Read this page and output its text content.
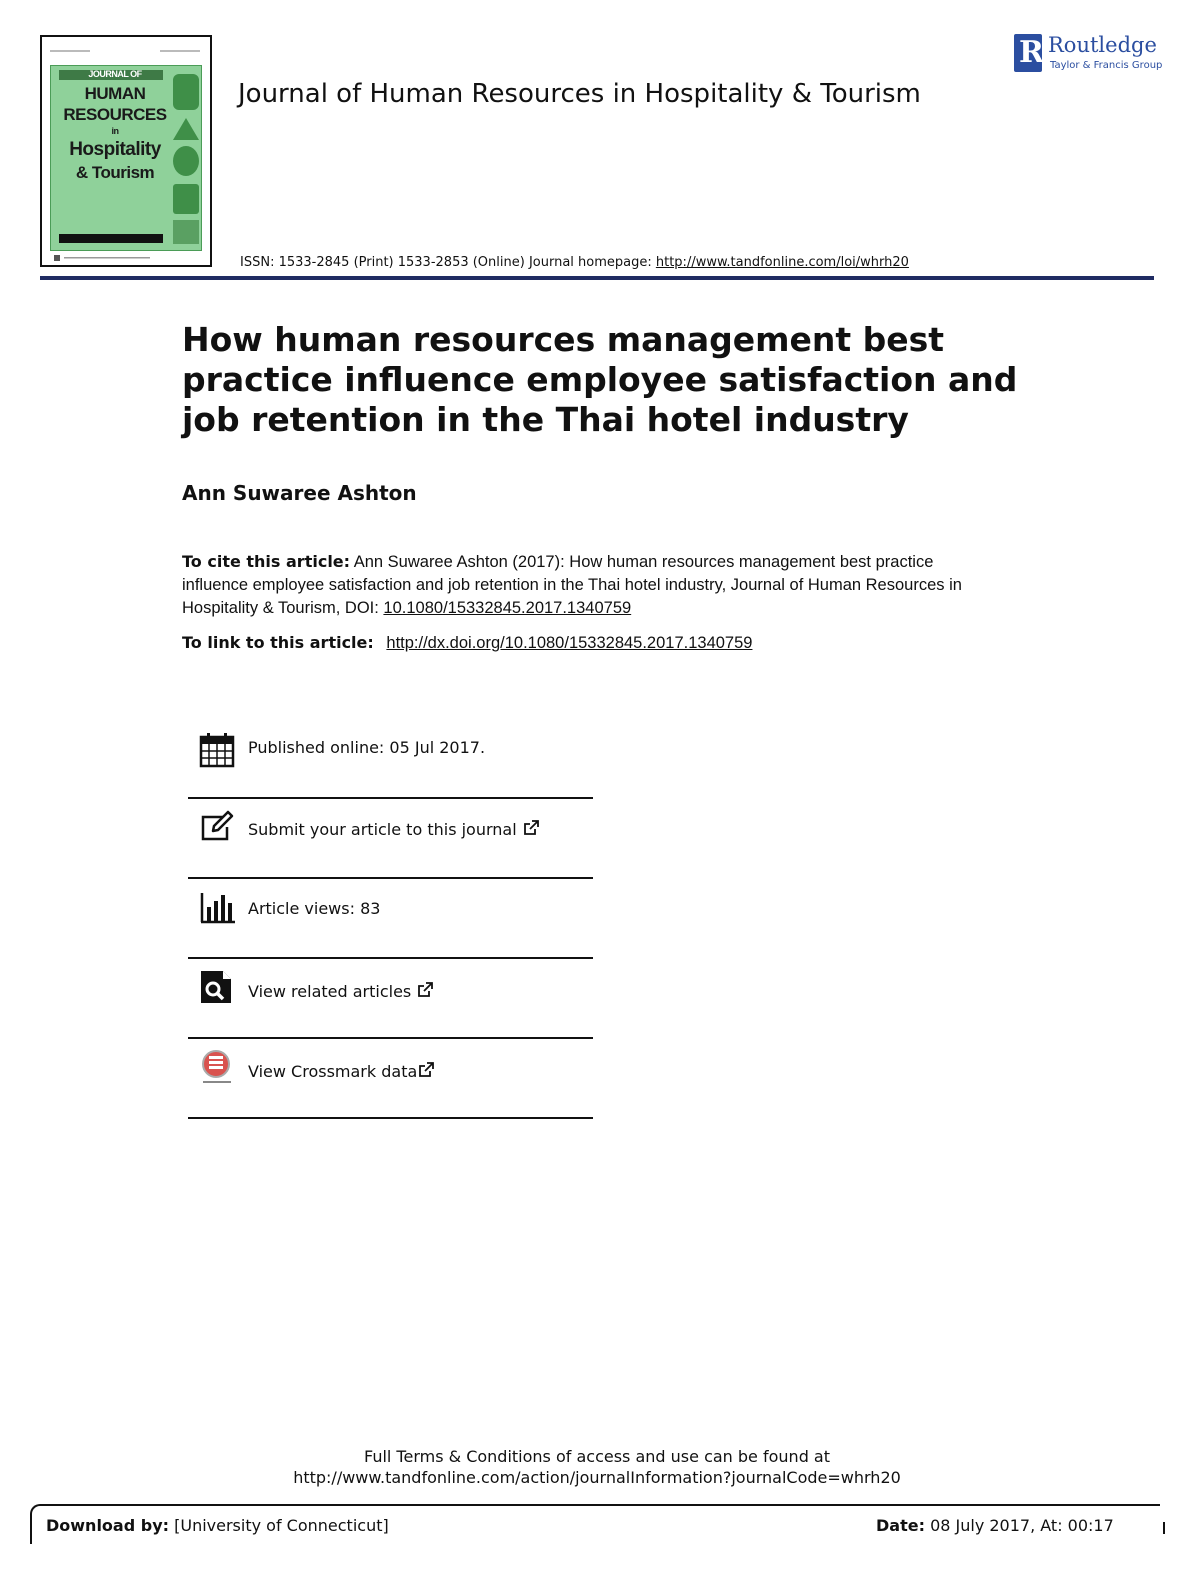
JOURNAL OF
HUMAN
RESOURCES
in
Hospitality
& Tourism
Journal of Human Resources in Hospitality & Tourism
ISSN: 1533-2845 (Print) 1533-2853 (Online) Journal homepage: http://www.tandfonline.com/loi/whrh20
R Routledge
Taylor & Francis Group
How human resources management best practice influence employee satisfaction and job retention in the Thai hotel industry
Ann Suwaree Ashton
To cite this article: Ann Suwaree Ashton (2017): How human resources management best practice influence employee satisfaction and job retention in the Thai hotel industry, Journal of Human Resources in Hospitality & Tourism, DOI: 10.1080/15332845.2017.1340759
To link to this article: http://dx.doi.org/10.1080/15332845.2017.1340759
Published online: 05 Jul 2017.
Submit your article to this journal
Article views: 83
View related articles
View Crossmark data
Full Terms & Conditions of access and use can be found at
http://www.tandfonline.com/action/journalInformation?journalCode=whrh20
Download by: [University of Connecticut]	Date: 08 July 2017, At: 00:17
